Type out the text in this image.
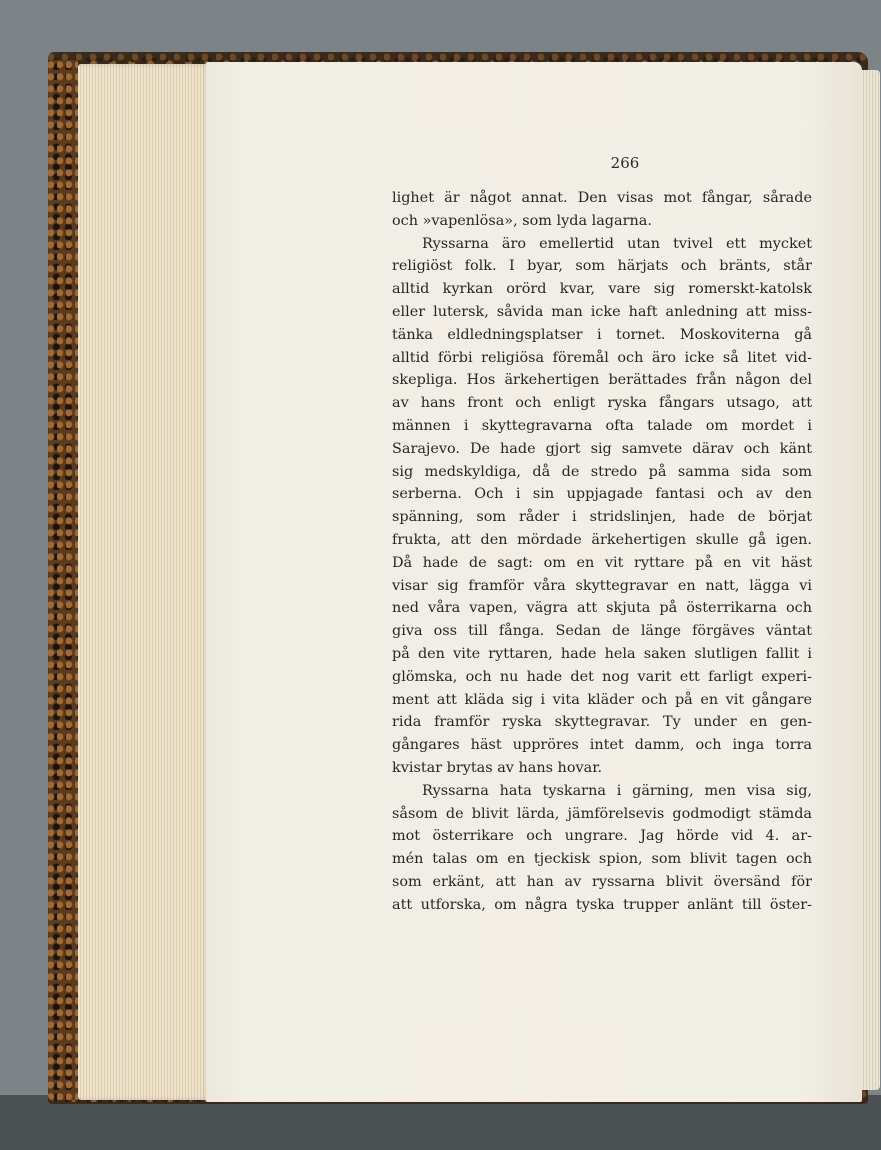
266

lighet är något annat. Den visas mot fångar, sårade
och »vapenlösa», som lyda lagarna.
Ryssarna äro emellertid utan tvivel ett mycket
religiöst folk. I byar, som härjats och bränts, står
alltid kyrkan orörd kvar, vare sig romerskt-katolsk
eller lutersk, såvida man icke haft anledning att miss-
tänka eldledningsplatser i tornet. Moskoviterna gå
alltid förbi religiösa föremål och äro icke så litet vid-
skepliga. Hos ärkehertigen berättades från någon del
av hans front och enligt ryska fångars utsago, att
männen i skyttegravarna ofta talade om mordet i
Sarajevo. De hade gjort sig samvete därav och känt
sig medskyldiga, då de stredo på samma sida som
serberna. Och i sin uppjagade fantasi och av den
spänning, som råder i stridslinjen, hade de börjat
frukta, att den mördade ärkehertigen skulle gå igen.
Då hade de sagt: om en vit ryttare på en vit häst
visar sig framför våra skyttegravar en natt, lägga vi
ned våra vapen, vägra att skjuta på österrikarna och
giva oss till fånga. Sedan de länge förgäves väntat
på den vite ryttaren, hade hela saken slutligen fallit i
glömska, och nu hade det nog varit ett farligt experi-
ment att kläda sig i vita kläder och på en vit gångare
rida framför ryska skyttegravar. Ty under en gen-
gångares häst uppröres intet damm, och inga torra
kvistar brytas av hans hovar.
Ryssarna hata tyskarna i gärning, men visa sig,
såsom de blivit lärda, jämförelsevis godmodigt stämda
mot österrikare och ungrare. Jag hörde vid 4. ar-
mén talas om en tjeckisk spion, som blivit tagen och
som erkänt, att han av ryssarna blivit översänd för
att utforska, om några tyska trupper anlänt till öster-
